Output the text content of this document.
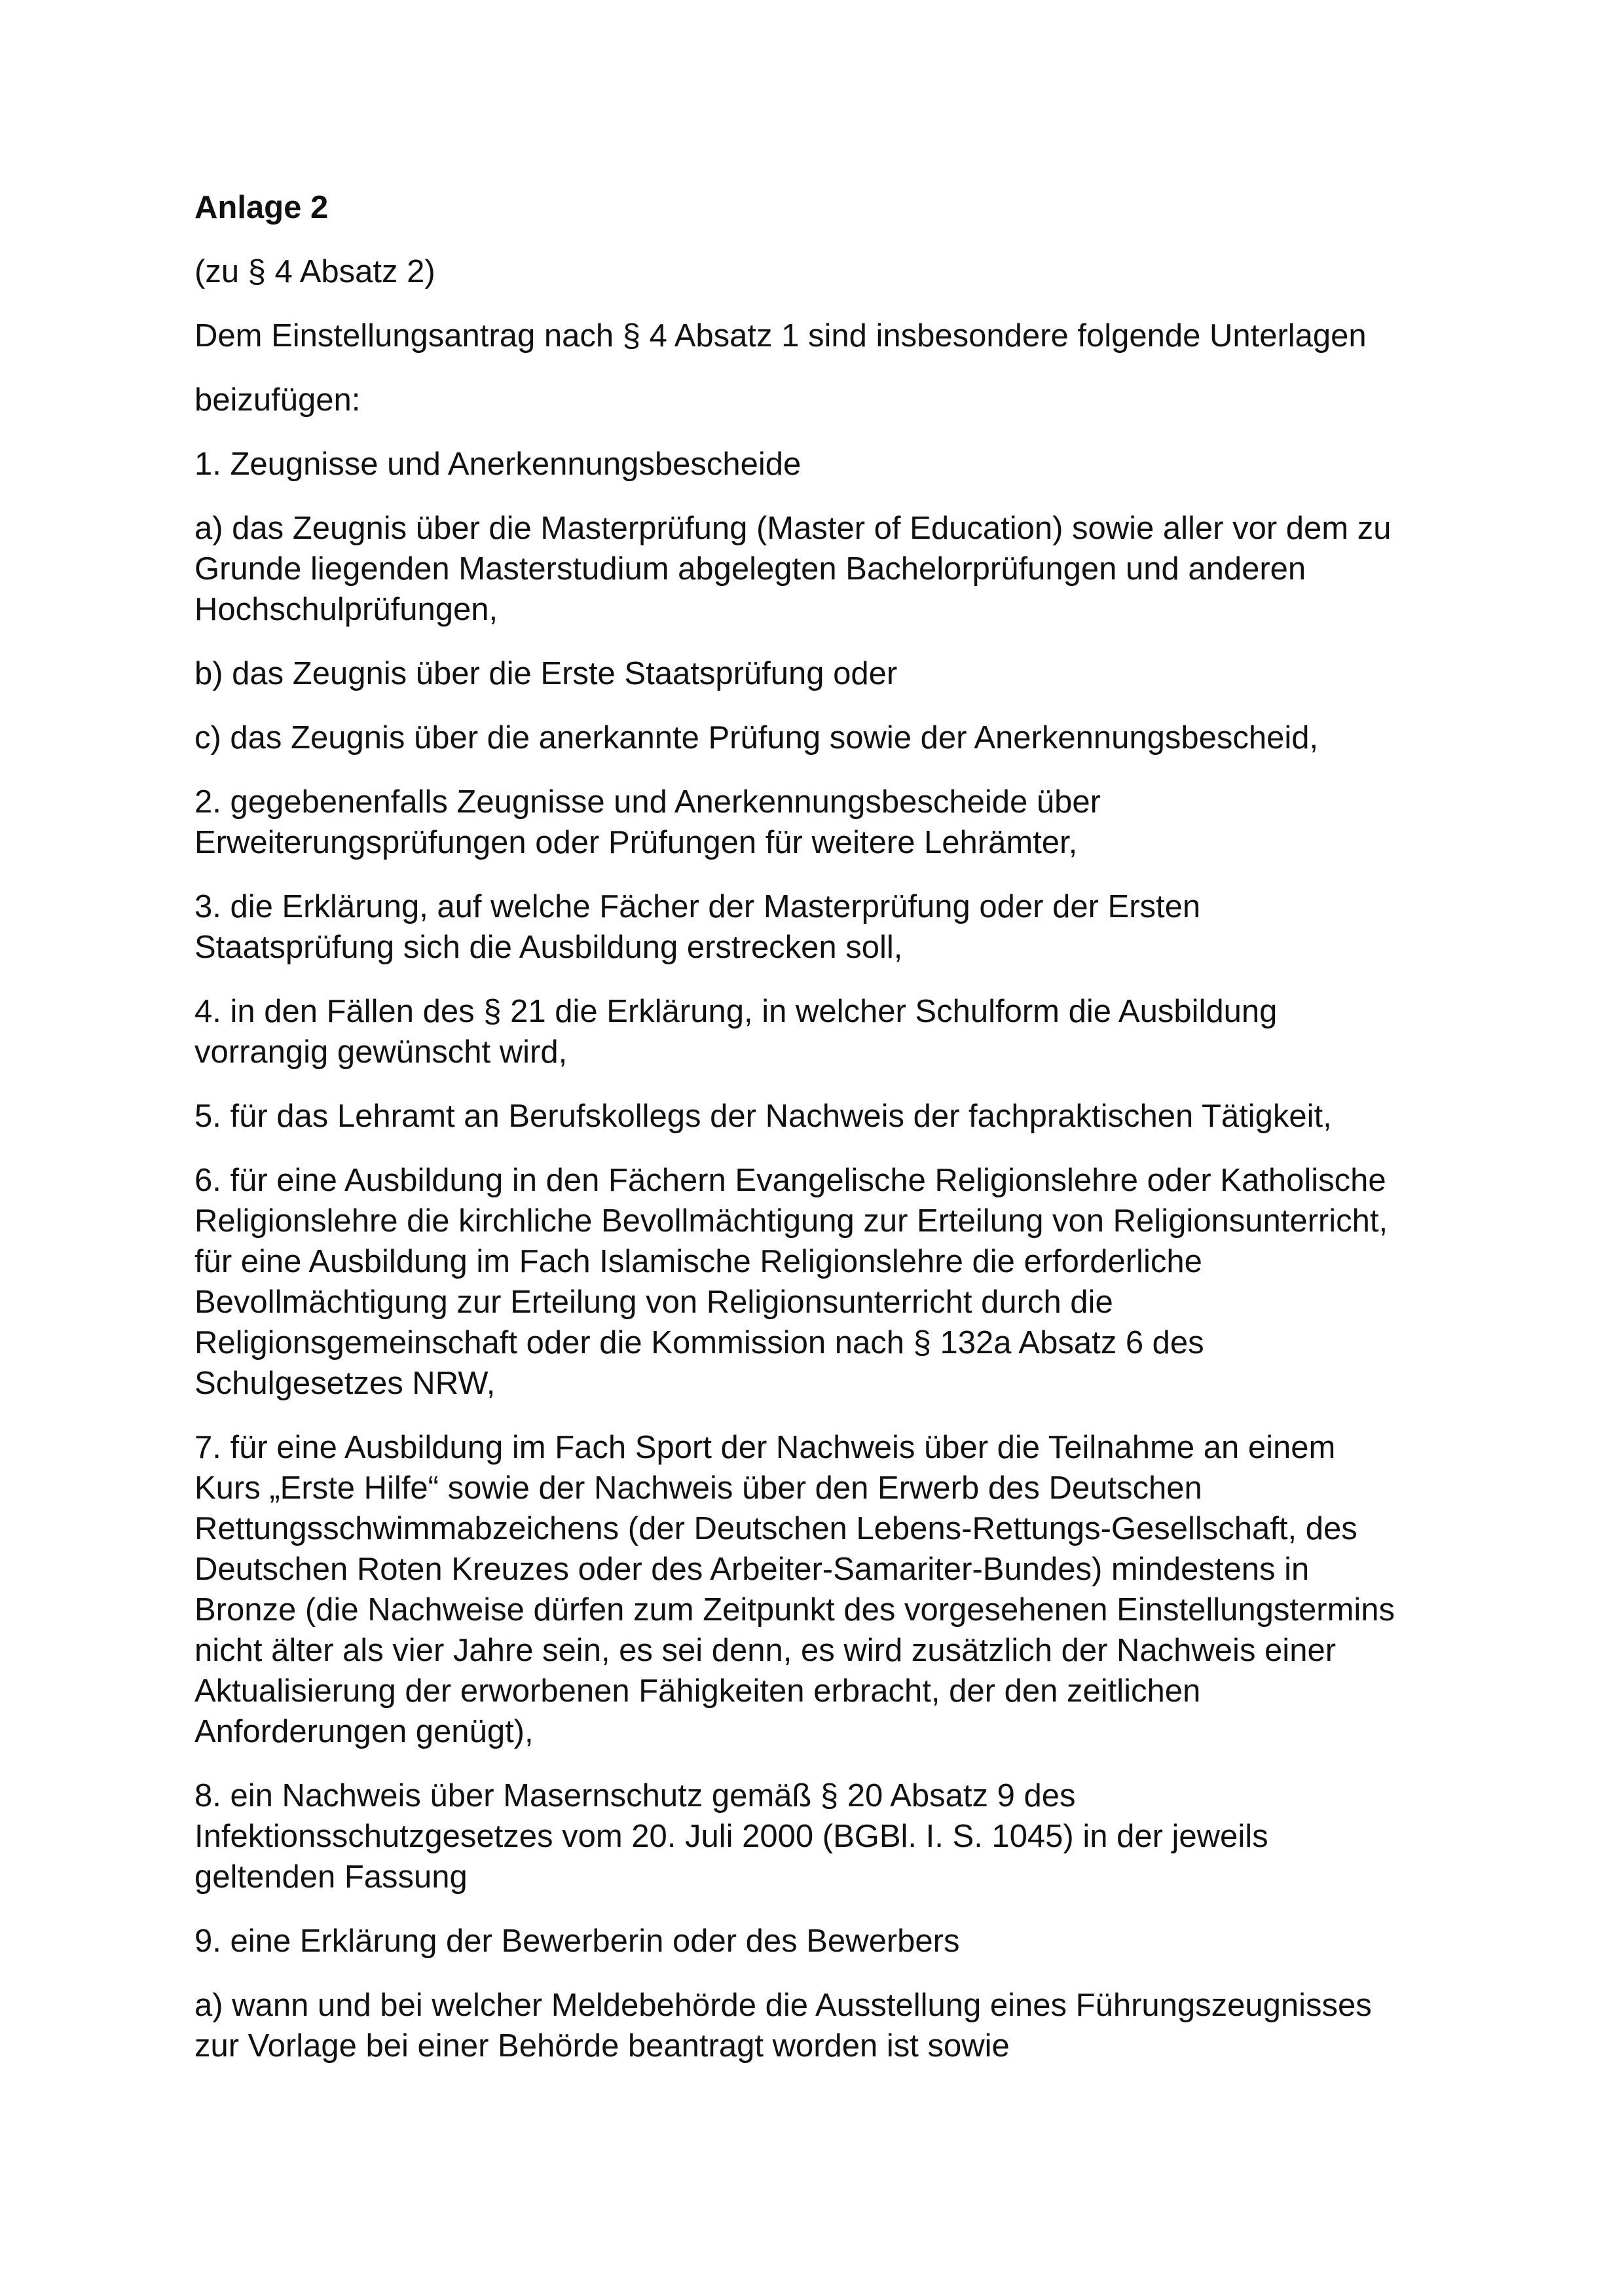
Anlage 2
(zu § 4 Absatz 2)
Dem Einstellungsantrag nach § 4 Absatz 1 sind insbesondere folgende Unterlagen
beizufügen:
1. Zeugnisse und Anerkennungsbescheide
a) das Zeugnis über die Masterprüfung (Master of Education) sowie aller vor dem zu
Grunde liegenden Masterstudium abgelegten Bachelorprüfungen und anderen
Hochschulprüfungen,
b) das Zeugnis über die Erste Staatsprüfung oder
c) das Zeugnis über die anerkannte Prüfung sowie der Anerkennungsbescheid,
2. gegebenenfalls Zeugnisse und Anerkennungsbescheide über
Erweiterungsprüfungen oder Prüfungen für weitere Lehrämter,
3. die Erklärung, auf welche Fächer der Masterprüfung oder der Ersten
Staatsprüfung sich die Ausbildung erstrecken soll,
4. in den Fällen des § 21 die Erklärung, in welcher Schulform die Ausbildung
vorrangig gewünscht wird,
5. für das Lehramt an Berufskollegs der Nachweis der fachpraktischen Tätigkeit,
6. für eine Ausbildung in den Fächern Evangelische Religionslehre oder Katholische
Religionslehre die kirchliche Bevollmächtigung zur Erteilung von Religionsunterricht,
für eine Ausbildung im Fach Islamische Religionslehre die erforderliche
Bevollmächtigung zur Erteilung von Religionsunterricht durch die
Religionsgemeinschaft oder die Kommission nach § 132a Absatz 6 des
Schulgesetzes NRW,
7. für eine Ausbildung im Fach Sport der Nachweis über die Teilnahme an einem
Kurs „Erste Hilfe“ sowie der Nachweis über den Erwerb des Deutschen
Rettungsschwimmabzeichens (der Deutschen Lebens-Rettungs-Gesellschaft, des
Deutschen Roten Kreuzes oder des Arbeiter-Samariter-Bundes) mindestens in
Bronze (die Nachweise dürfen zum Zeitpunkt des vorgesehenen Einstellungstermins
nicht älter als vier Jahre sein, es sei denn, es wird zusätzlich der Nachweis einer
Aktualisierung der erworbenen Fähigkeiten erbracht, der den zeitlichen
Anforderungen genügt),
8. ein Nachweis über Masernschutz gemäß § 20 Absatz 9 des
Infektionsschutzgesetzes vom 20. Juli 2000 (BGBl. I. S. 1045) in der jeweils
geltenden Fassung
9. eine Erklärung der Bewerberin oder des Bewerbers
a) wann und bei welcher Meldebehörde die Ausstellung eines Führungszeugnisses
zur Vorlage bei einer Behörde beantragt worden ist sowie
